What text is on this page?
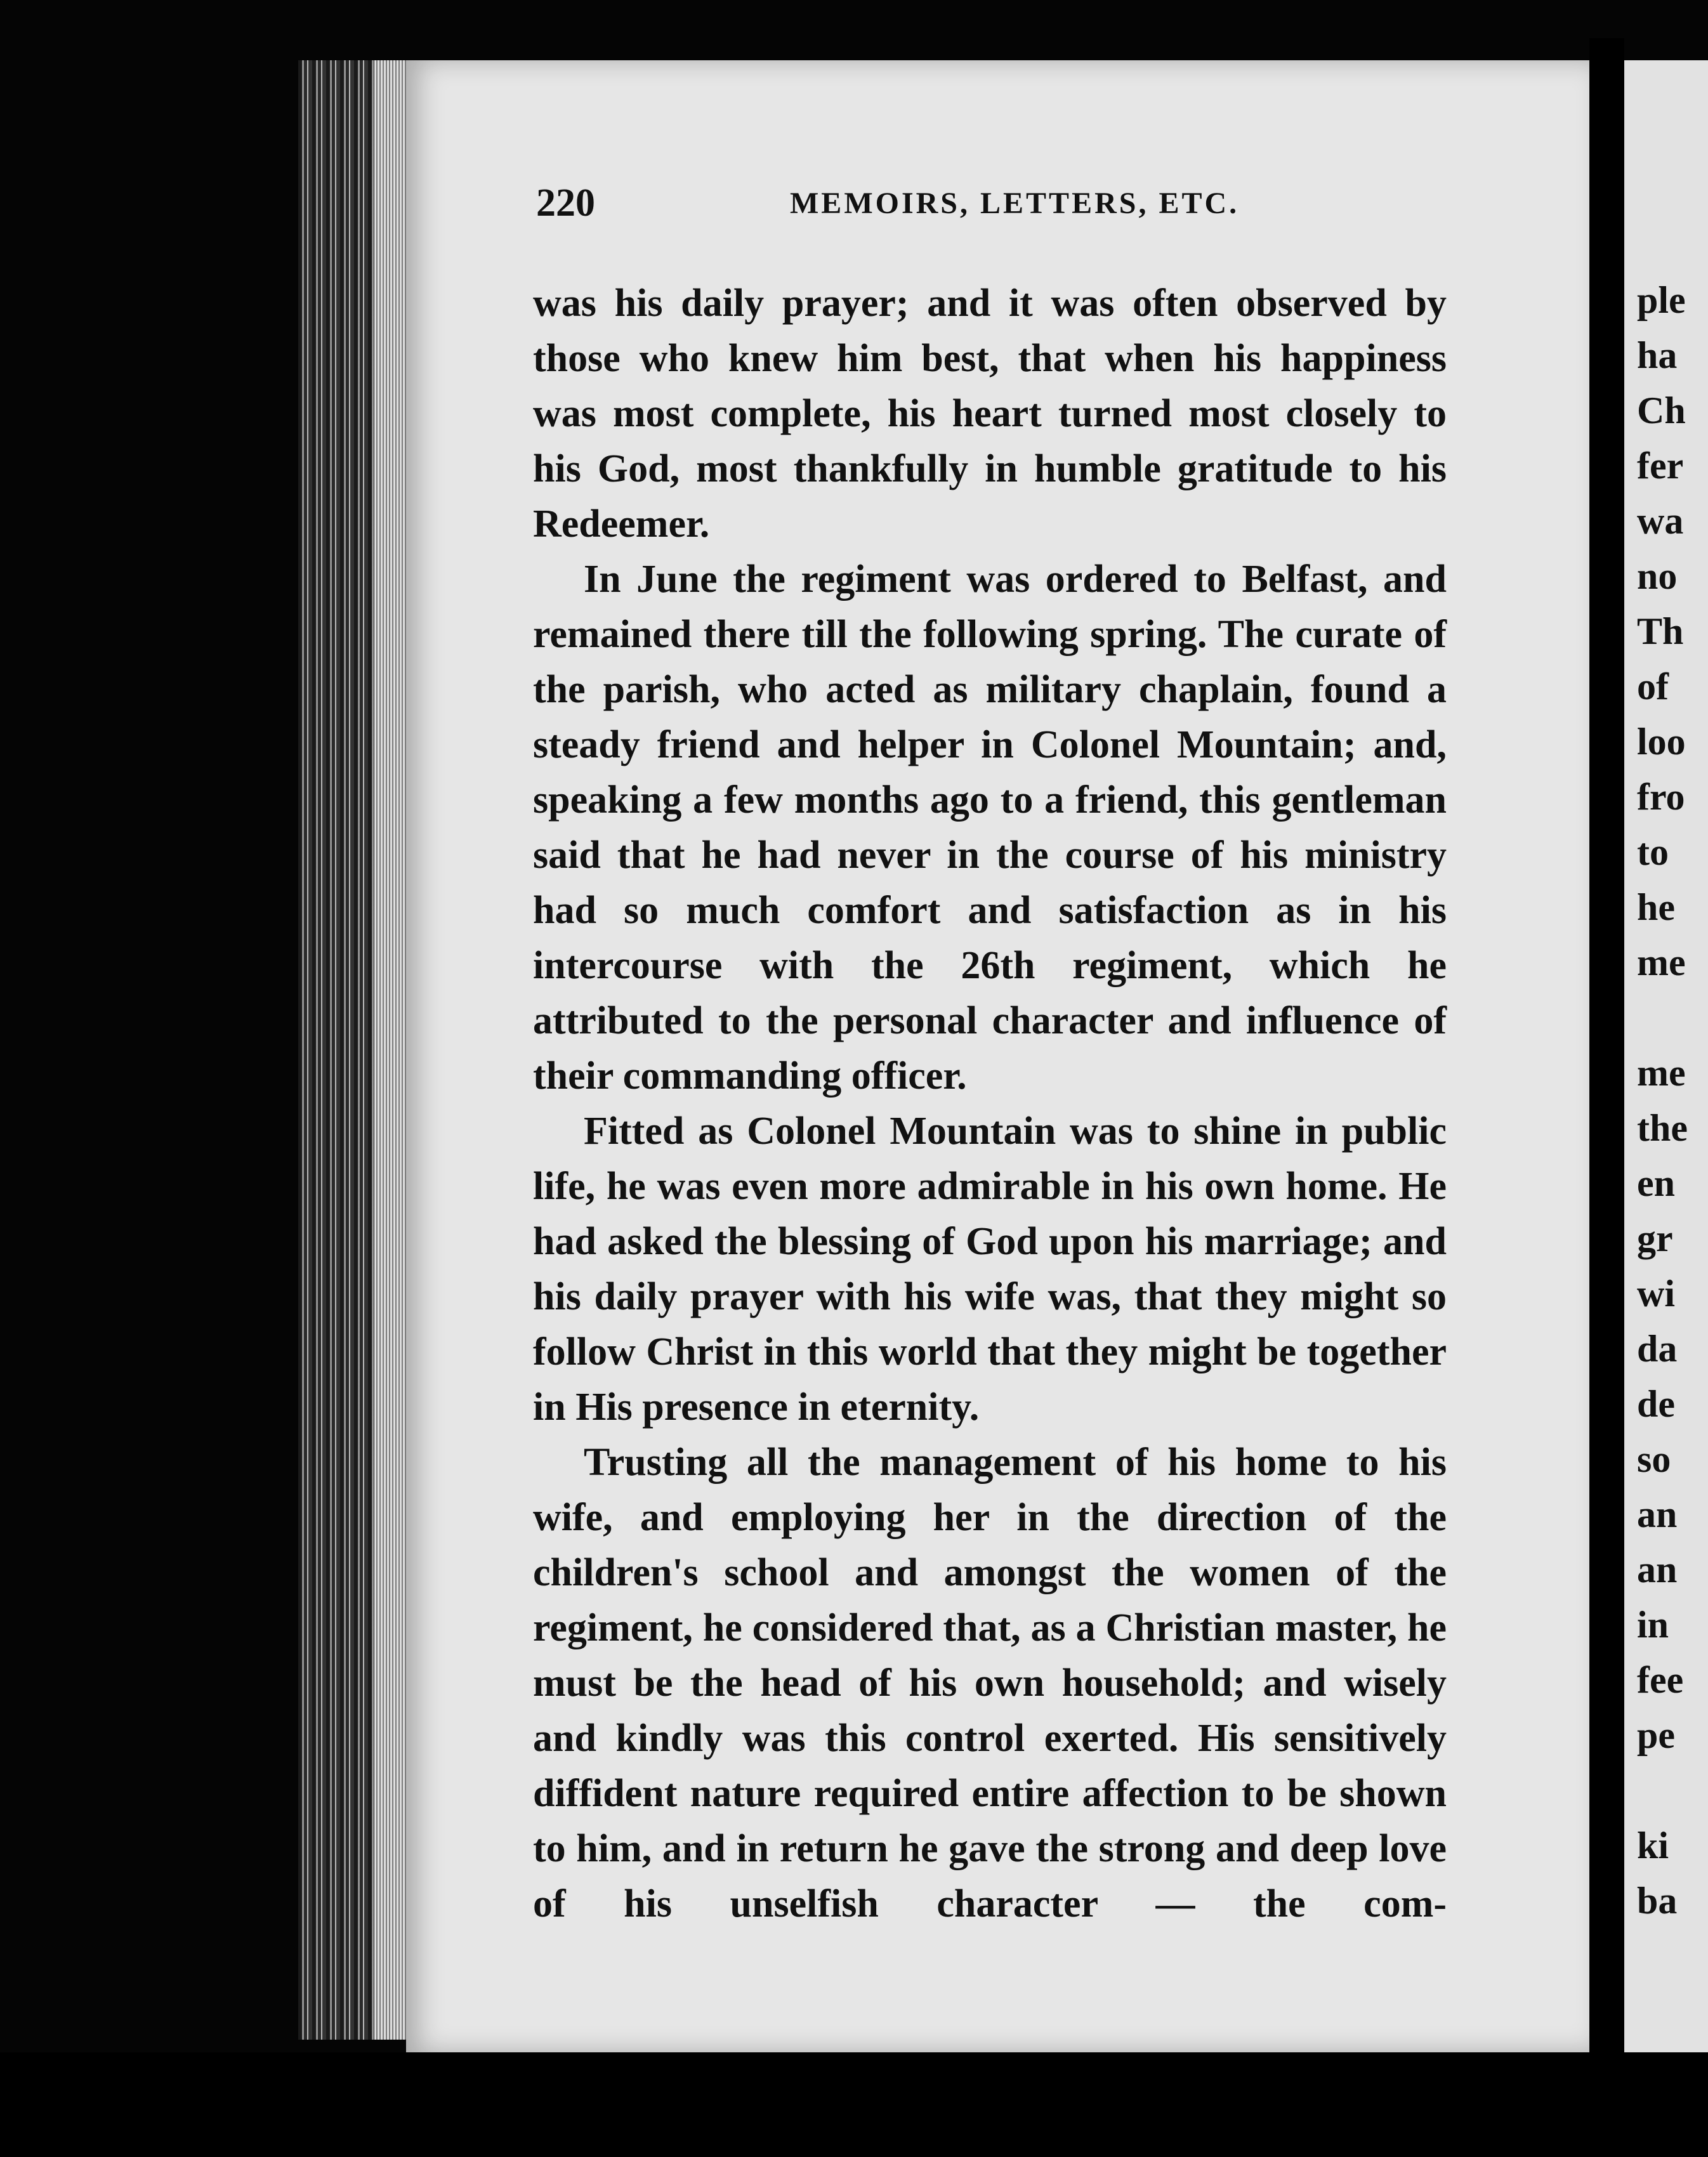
220	MEMOIRS, LETTERS, ETC.

was his daily prayer; and it was often observed by those who knew him best, that when his happiness was most complete, his heart turned most closely to his God, most thankfully in humble gratitude to his Redeemer.

In June the regiment was ordered to Belfast, and remained there till the following spring. The curate of the parish, who acted as military chaplain, found a steady friend and helper in Colonel Mountain; and, speaking a few months ago to a friend, this gentleman said that he had never in the course of his ministry had so much comfort and satisfaction as in his intercourse with the 26th regiment, which he attributed to the personal character and influence of their commanding officer.

Fitted as Colonel Mountain was to shine in public life, he was even more admirable in his own home. He had asked the blessing of God upon his marriage; and his daily prayer with his wife was, that they might so follow Christ in this world that they might be together in His presence in eternity.

Trusting all the management of his home to his wife, and employing her in the direction of the children's school and amongst the women of the regiment, he considered that, as a Christian master, he must be the head of his own household; and wisely and kindly was this control exerted. His sensitively diffident nature required entire affection to be shown to him, and in return he gave the strong and deep love of his unselfish character — the com-

ple
ha
Ch
fer
wa
no
Th
of
loo
fro
to
he
me

me
the
en
gr
wi
da
de
so
an
an
in
fee
pe

ki
ba
